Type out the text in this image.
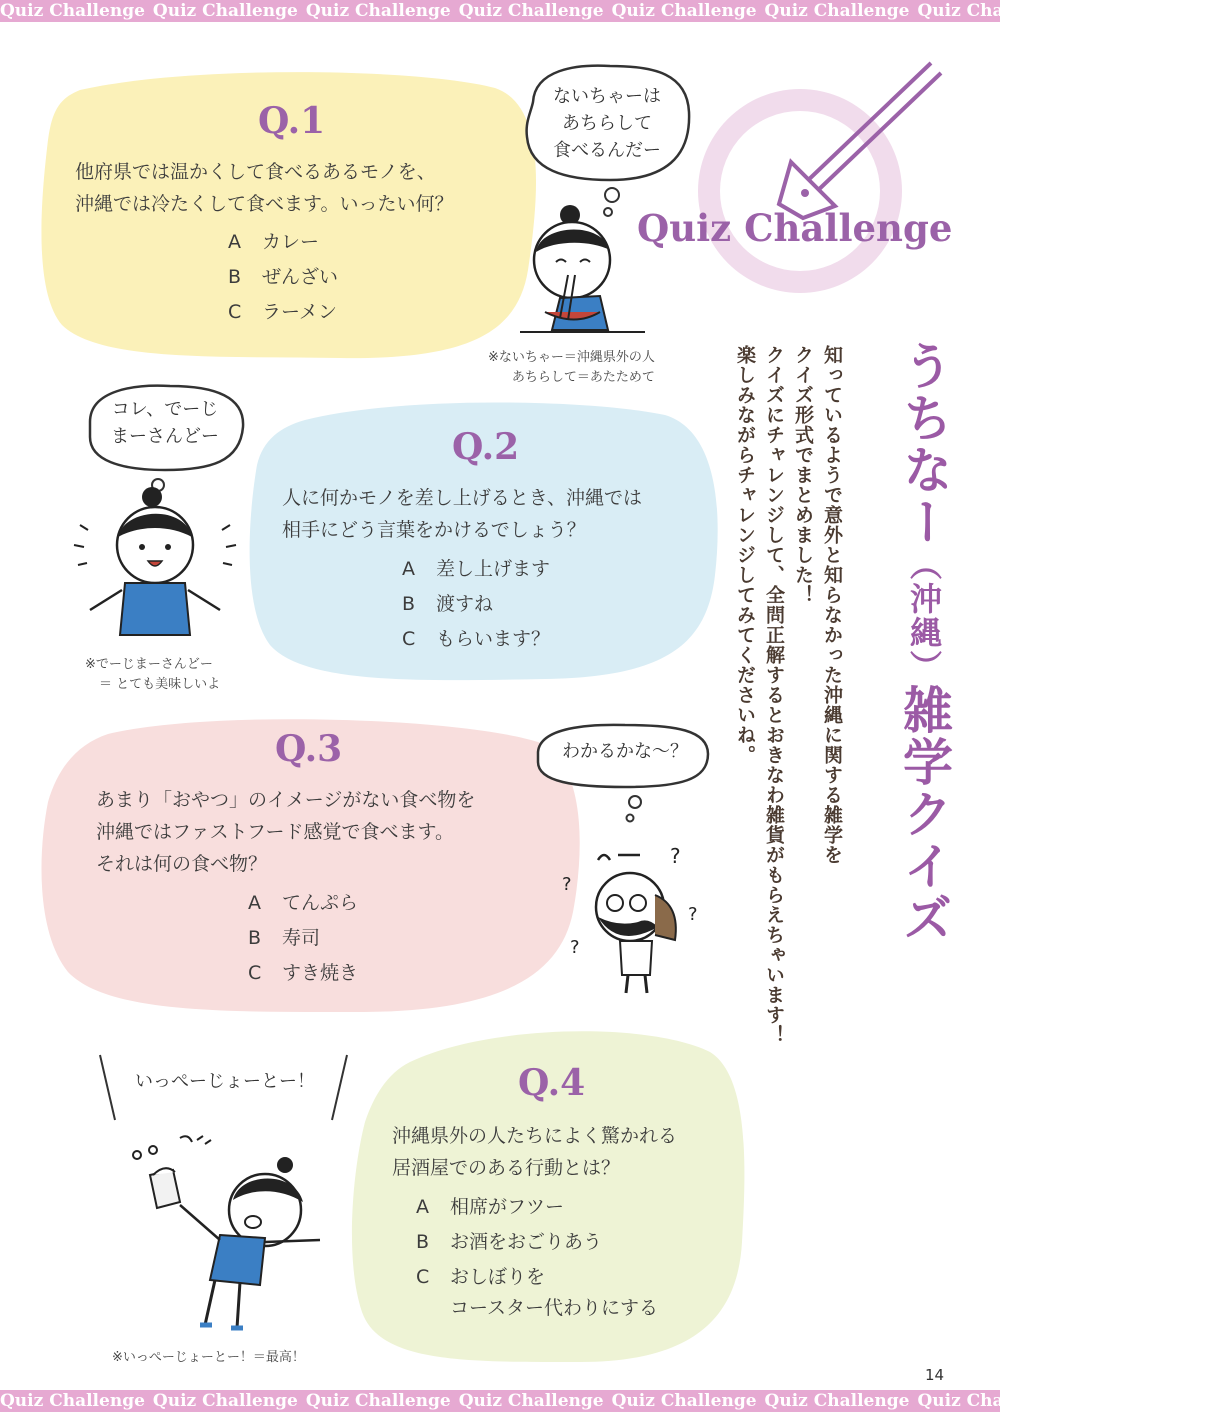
Quiz Challenge Quiz Challenge Quiz Challenge Quiz Challenge Quiz Challenge Quiz Challenge Quiz Challenge Quiz Challenge
Quiz Challenge Quiz Challenge Quiz Challenge Quiz Challenge Quiz Challenge Quiz Challenge Quiz Challenge Quiz Challenge
Q.1
他府県では温かくして食べるあるモノを、
沖縄では冷たくして食べます。いったい何？
A カレー
B ぜんざい
C ラーメン
ないちゃーは
あちらして
食べるんだー
※ないちゃー＝沖縄県外の人
あちらして＝あたためて
Quiz Challenge
うちなー（沖縄）雑学クイズ

知っているようで意外と知らなかった沖縄に関する雑学を

クイズ形式でまとめました！

クイズにチャレンジして、全問正解するとおきなわ雑貨がもらえちゃいます！

楽しみながらチャレンジしてみてくださいね。

コレ、でーじ
まーさんどー	Q.2
人に何かモノを差し上げるとき、沖縄では
相手にどう言葉をかけるでしょう？
A 差し上げます
B 渡すね
C もらいます？
※でーじまーさんどー
＝ とても美味しいよ
Q.3
あまり「おやつ」のイメージがない食べ物を
沖縄ではファストフード感覚で食べます。
それは何の食べ物？
A てんぷら
B 寿司
C すき焼き
わかるかな～？
?
?
?
?
いっぺーじょーとー！	Q.4
沖縄県外の人たちによく驚かれる
居酒屋でのある行動とは？
A 相席がフツー
B お酒をおごりあう
C おしぼりを
コースター代わりにする
※いっぺーじょーとー！＝最高！
14
